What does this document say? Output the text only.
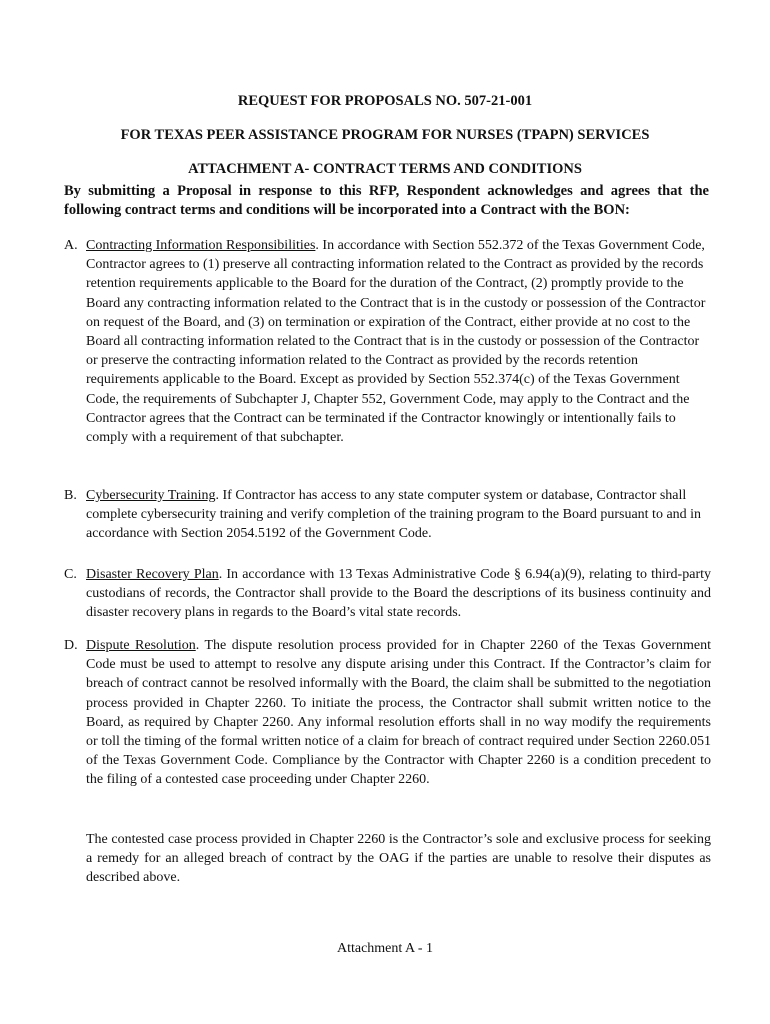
REQUEST FOR PROPOSALS NO. 507-21-001

FOR TEXAS PEER ASSISTANCE PROGRAM FOR NURSES (TPAPN) SERVICES

ATTACHMENT A- CONTRACT TERMS AND CONDITIONS

By submitting a Proposal in response to this RFP, Respondent acknowledges and agrees that the following contract terms and conditions will be incorporated into a Contract with the BON:

A. Contracting Information Responsibilities. In accordance with Section 552.372 of the Texas Government Code, Contractor agrees to (1) preserve all contracting information related to the Contract as provided by the records retention requirements applicable to the Board for the duration of the Contract, (2) promptly provide to the Board any contracting information related to the Contract that is in the custody or possession of the Contractor on request of the Board, and (3) on termination or expiration of the Contract, either provide at no cost to the Board all contracting information related to the Contract that is in the custody or possession of the Contractor or preserve the contracting information related to the Contract as provided by the records retention requirements applicable to the Board. Except as provided by Section 552.374(c) of the Texas Government Code, the requirements of Subchapter J, Chapter 552, Government Code, may apply to the Contract and the Contractor agrees that the Contract can be terminated if the Contractor knowingly or intentionally fails to comply with a requirement of that subchapter.
B. Cybersecurity Training. If Contractor has access to any state computer system or database, Contractor shall complete cybersecurity training and verify completion of the training program to the Board pursuant to and in accordance with Section 2054.5192 of the Government Code.
C. Disaster Recovery Plan. In accordance with 13 Texas Administrative Code § 6.94(a)(9), relating to third-party custodians of records, the Contractor shall provide to the Board the descriptions of its business continuity and disaster recovery plans in regards to the Board’s vital state records.
D. Dispute Resolution. The dispute resolution process provided for in Chapter 2260 of the Texas Government Code must be used to attempt to resolve any dispute arising under this Contract. If the Contractor’s claim for breach of contract cannot be resolved informally with the Board, the claim shall be submitted to the negotiation process provided in Chapter 2260. To initiate the process, the Contractor shall submit written notice to the Board, as required by Chapter 2260. Any informal resolution efforts shall in no way modify the requirements or toll the timing of the formal written notice of a claim for breach of contract required under Section 2260.051 of the Texas Government Code. Compliance by the Contractor with Chapter 2260 is a condition precedent to the filing of a contested case proceeding under Chapter 2260.

The contested case process provided in Chapter 2260 is the Contractor’s sole and exclusive process for seeking a remedy for an alleged breach of contract by the OAG if the parties are unable to resolve their disputes as described above.

Attachment A - 1
